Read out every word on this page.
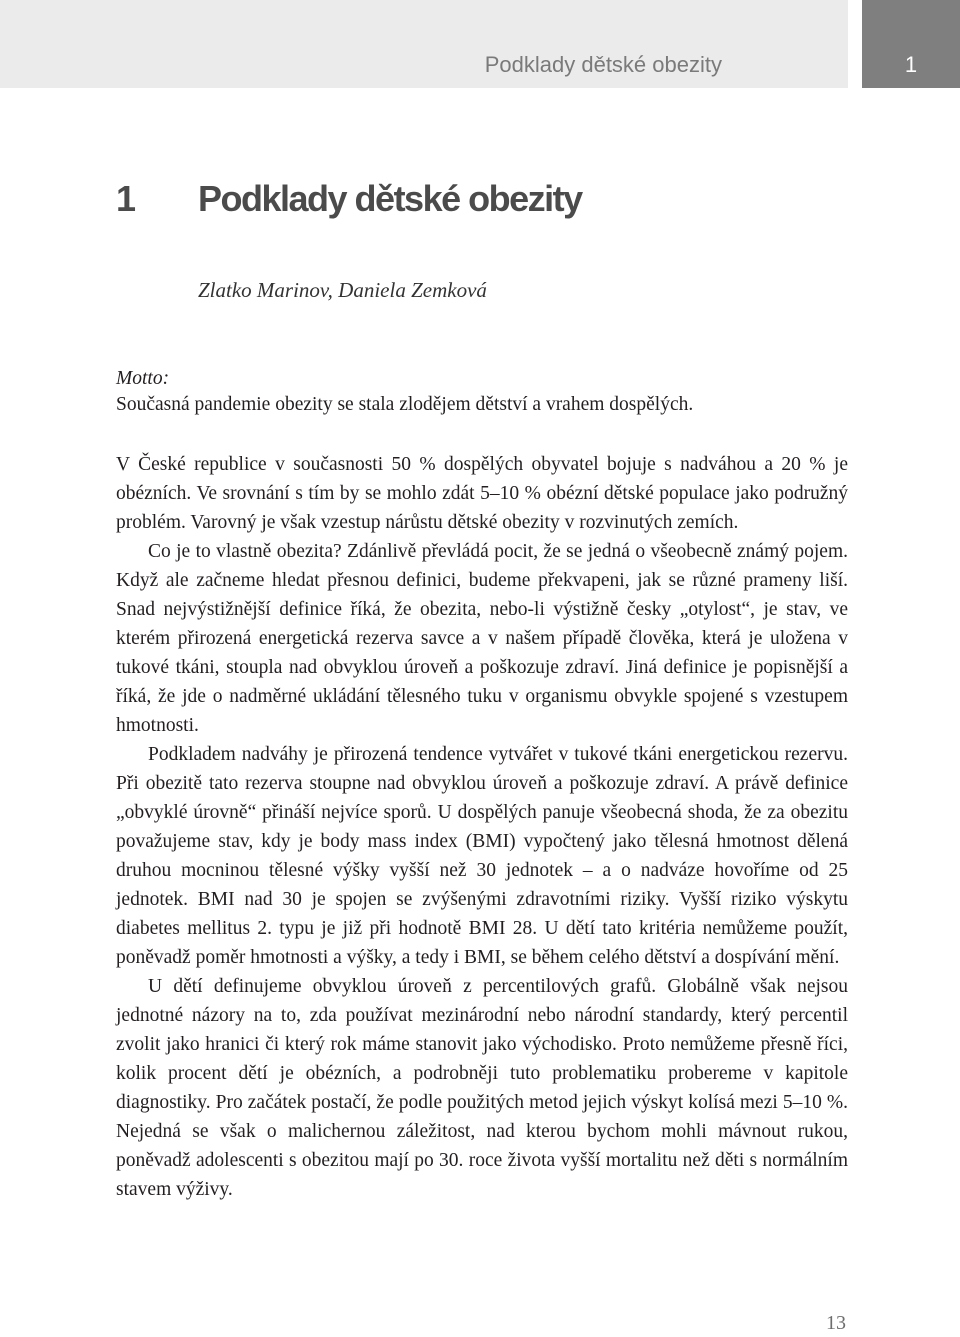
Podklady dětské obezity	1
1 Podklady dětské obezity
Zlatko Marinov, Daniela Zemková
Motto:
Současná pandemie obezity se stala zlodějem dětství a vrahem dospělých.

V České republice v současnosti 50 % dospělých obyvatel bojuje s nadváhou a 20 % je obézních. Ve srovnání s tím by se mohlo zdát 5–10 % obézní dětské populace jako podružný problém. Varovný je však vzestup nárůstu dětské obezity v rozvinutých zemích.

Co je to vlastně obezita? Zdánlivě převládá pocit, že se jedná o všeobecně známý pojem. Když ale začneme hledat přesnou definici, budeme překvapeni, jak se různé prameny liší. Snad nejvýstižnější definice říká, že obezita, nebo-li výstižně česky „otylost“, je stav, ve kterém přirozená energetická rezerva savce a v našem případě člověka, která je uložena v tukové tkáni, stoupla nad obvyklou úroveň a poškozuje zdraví. Jiná definice je popisnější a říká, že jde o nadměrné ukládání tělesného tuku v organismu obvykle spojené s vzestupem hmotnosti.

Podkladem nadváhy je přirozená tendence vytvářet v tukové tkáni energetickou rezervu. Při obezitě tato rezerva stoupne nad obvyklou úroveň a poškozuje zdraví. A právě definice „obvyklé úrovně“ přináší nejvíce sporů. U dospělých panuje všeobecná shoda, že za obezitu považujeme stav, kdy je body mass index (BMI) vypočtený jako tělesná hmotnost dělená druhou mocninou tělesné výšky vyšší než 30 jednotek – a o nadváze hovoříme od 25 jednotek. BMI nad 30 je spojen se zvýšenými zdravotními riziky. Vyšší riziko výskytu diabetes mellitus 2. typu je již při hodnotě BMI 28. U dětí tato kritéria nemůžeme použít, poněvadž poměr hmotnosti a výšky, a tedy i BMI, se během celého dětství a dospívání mění.

U dětí definujeme obvyklou úroveň z percentilových grafů. Globálně však nejsou jednotné názory na to, zda používat mezinárodní nebo národní standardy, který percentil zvolit jako hranici či který rok máme stanovit jako východisko. Proto nemůžeme přesně říci, kolik procent dětí je obézních, a podrobněji tuto problematiku probereme v kapitole diagnostiky. Pro začátek postačí, že podle použitých metod jejich výskyt kolísá mezi 5–10 %. Nejedná se však o malichernou záležitost, nad kterou bychom mohli mávnout rukou, poněvadž adolescenti s obezitou mají po 30. roce života vyšší mortalitu než děti s normálním stavem výživy.

13
